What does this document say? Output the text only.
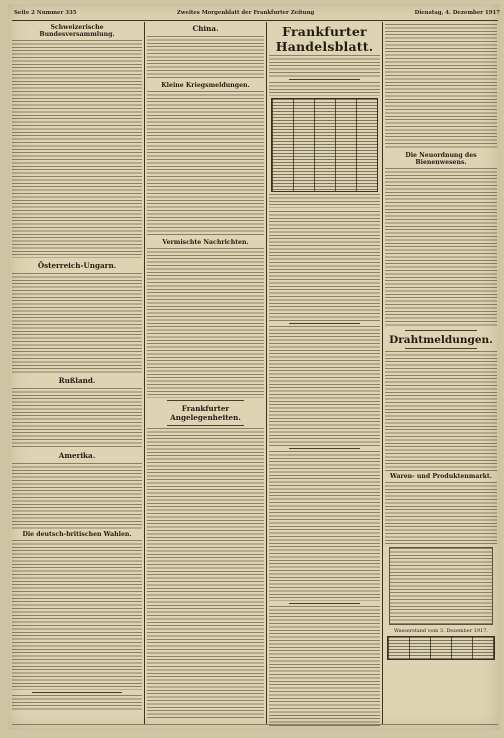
Seite 2 Nummer 335	Zweites Morgenblatt der Frankfurter Zeitung	Dienstag, 4. Dezember 1917
Schweizerische Bundesversammlung.
Österreich-Ungarn.
Rußland.
Amerika.
Die deutsch-britischen Wahlen.
China.
Kleine Kriegsmeldungen.
Vermischte Nachrichten.
Frankfurter Angelegenheiten.
Frankfurter Handelsblatt.
Die Neuordnung des Bienenwesens.
Drahtmeldungen.
Waren- und Produktenmarkt.
Wasserstand vom 3. Dezember 1917.
